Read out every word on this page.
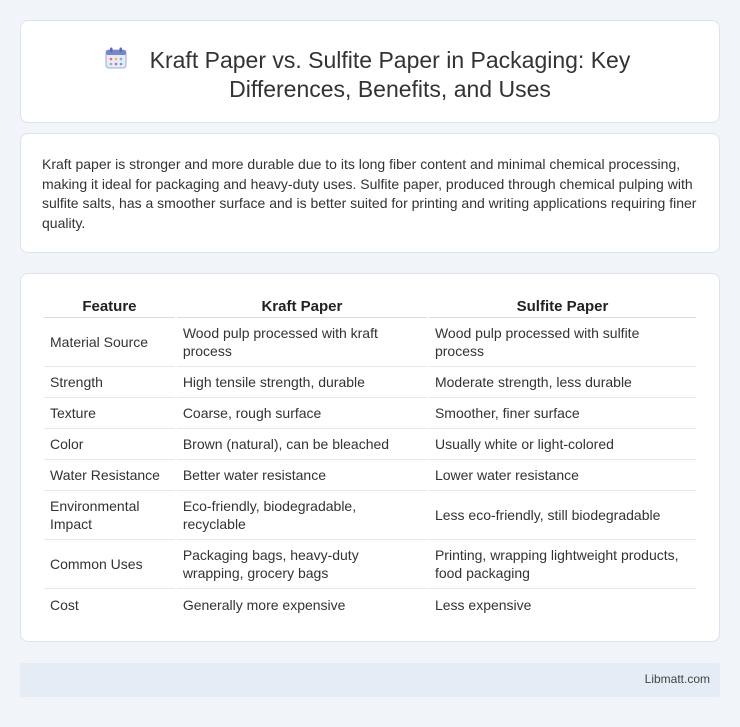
Kraft Paper vs. Sulfite Paper in Packaging: Key Differences, Benefits, and Uses

Kraft paper is stronger and more durable due to its long fiber content and minimal chemical processing, making it ideal for packaging and heavy-duty uses. Sulfite paper, produced through chemical pulping with sulfite salts, has a smoother surface and is better suited for printing and writing applications requiring finer quality.

Feature	Kraft Paper	Sulfite Paper
Material Source	Wood pulp processed with kraft process	Wood pulp processed with sulfite process
Strength	High tensile strength, durable	Moderate strength, less durable
Texture	Coarse, rough surface	Smoother, finer surface
Color	Brown (natural), can be bleached	Usually white or light-colored
Water Resistance	Better water resistance	Lower water resistance
Environmental Impact	Eco-friendly, biodegradable, recyclable	Less eco-friendly, still biodegradable
Common Uses	Packaging bags, heavy-duty wrapping, grocery bags	Printing, wrapping lightweight products, food packaging
Cost	Generally more expensive	Less expensive
Libmatt.com
